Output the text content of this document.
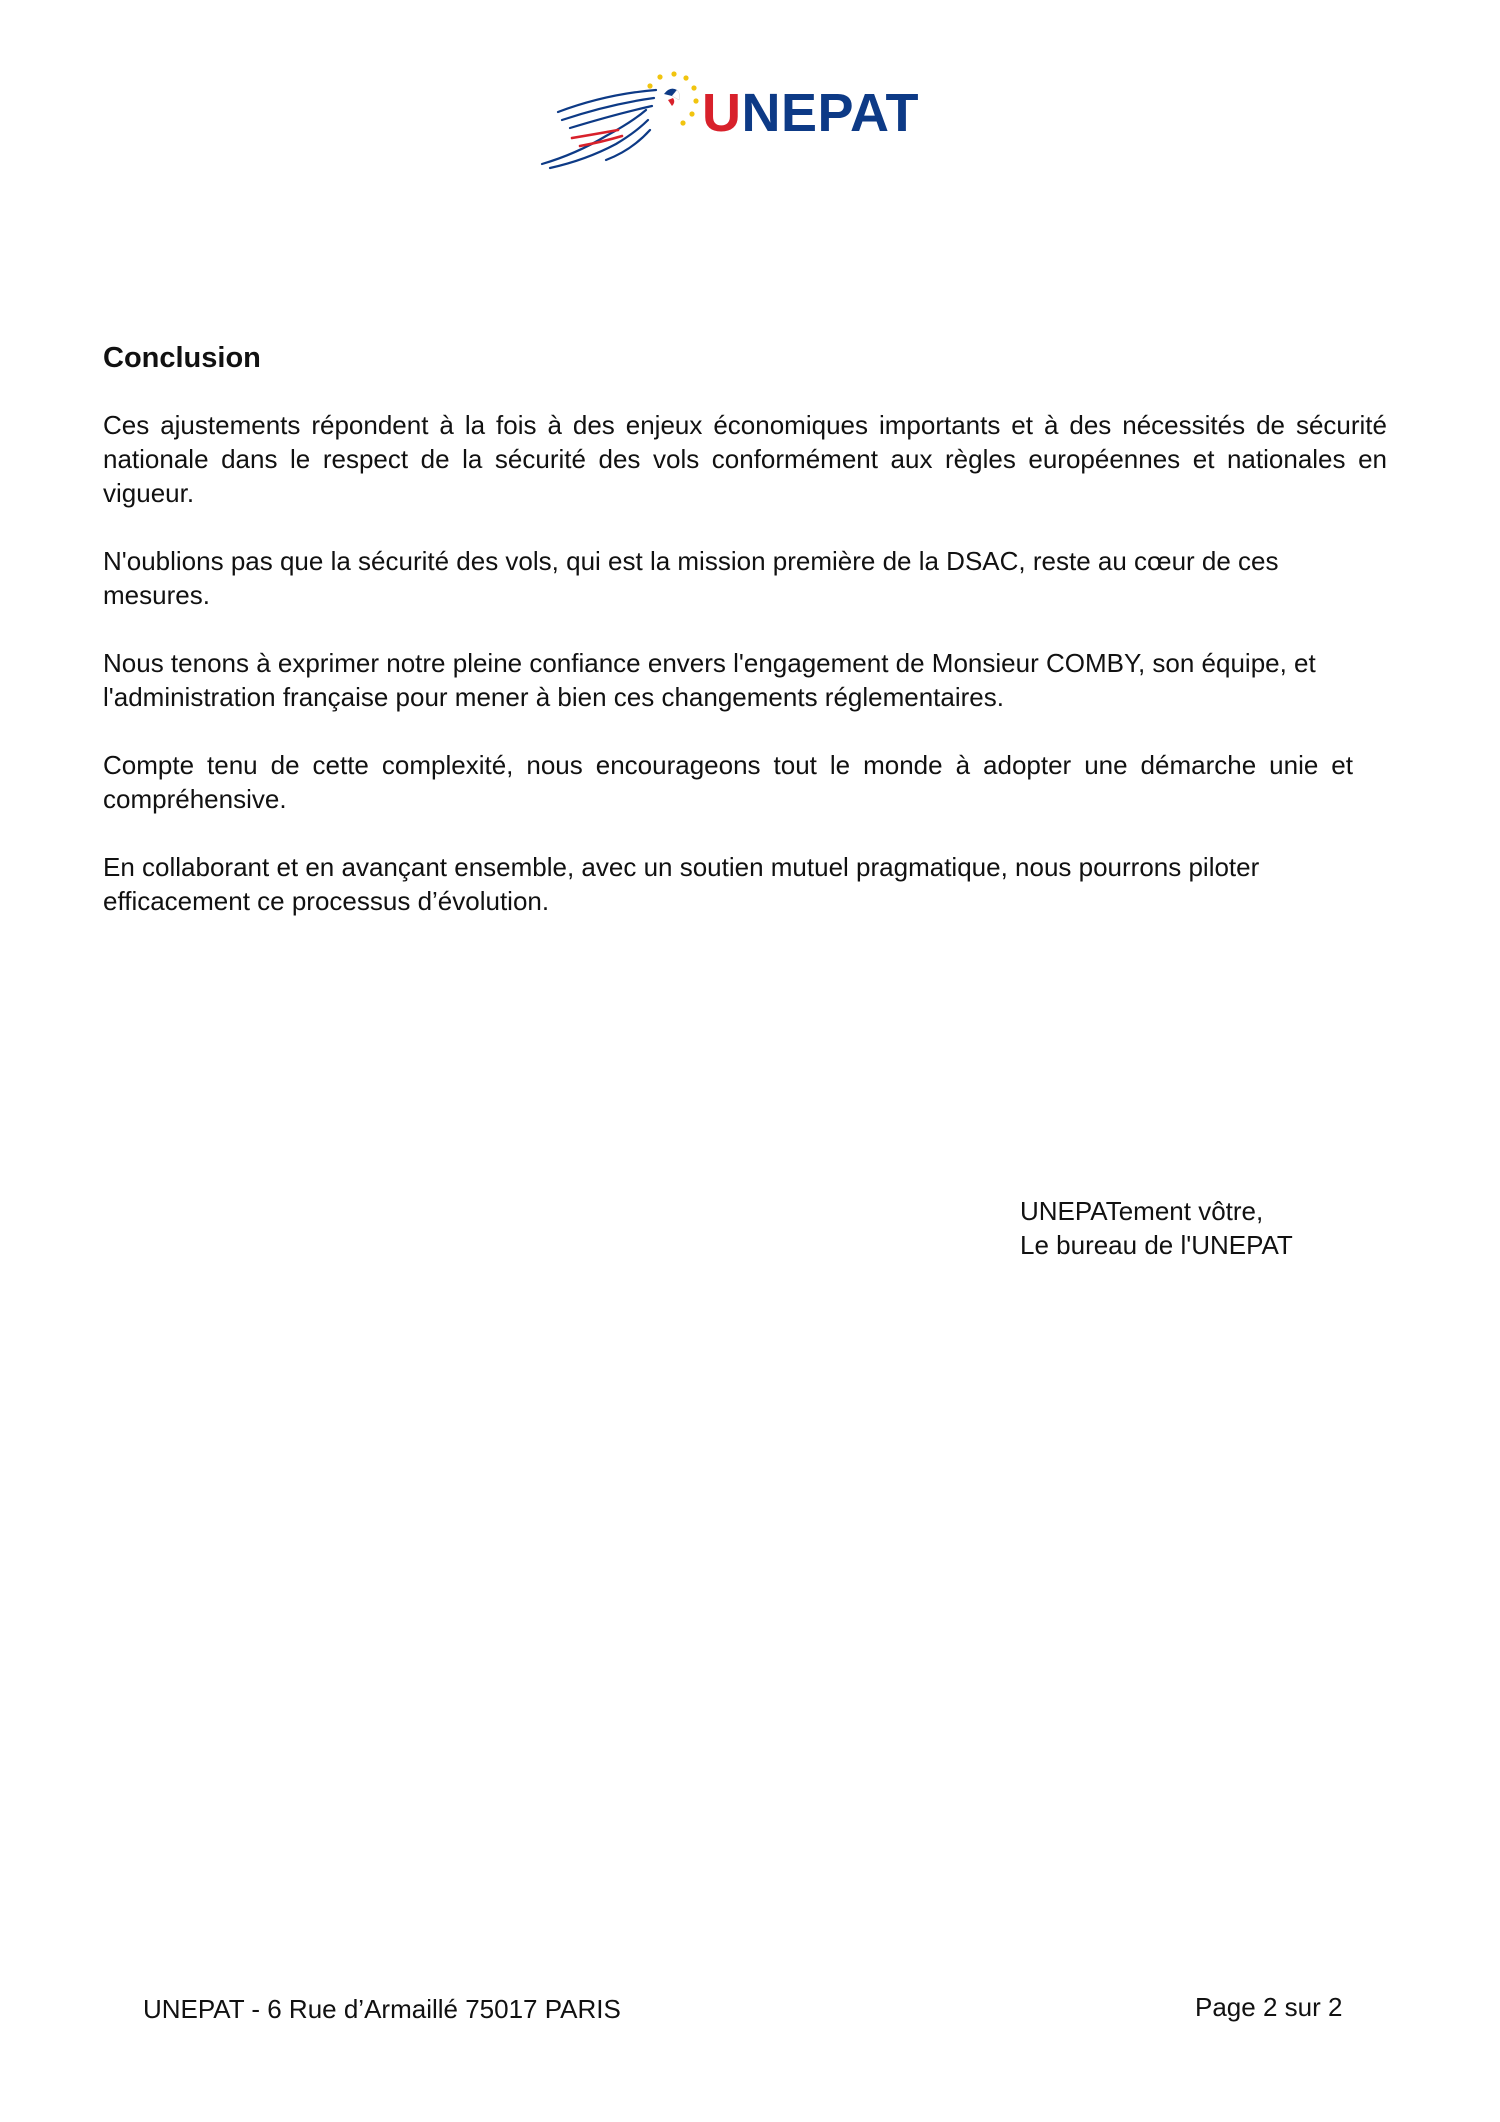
UNEPAT
Conclusion

Ces ajustements répondent à la fois à des enjeux économiques importants et à des nécessités de sécurité nationale dans le respect de la sécurité des vols conformément aux règles européennes et nationales en vigueur.

N'oublions pas que la sécurité des vols, qui est la mission première de la DSAC, reste au cœur de ces mesures.

Nous tenons à exprimer notre pleine confiance envers l'engagement de Monsieur COMBY, son équipe, et l'administration française pour mener à bien ces changements réglementaires.

Compte tenu de cette complexité, nous encourageons tout le monde à adopter une démarche unie et compréhensive.

En collaborant et en avançant ensemble, avec un soutien mutuel pragmatique, nous pourrons piloter efficacement ce processus d’évolution.

UNEPATement vôtre,
Le bureau de l'UNEPAT
UNEPAT - 6 Rue d’Armaillé 75017 PARIS	Page 2 sur 2
